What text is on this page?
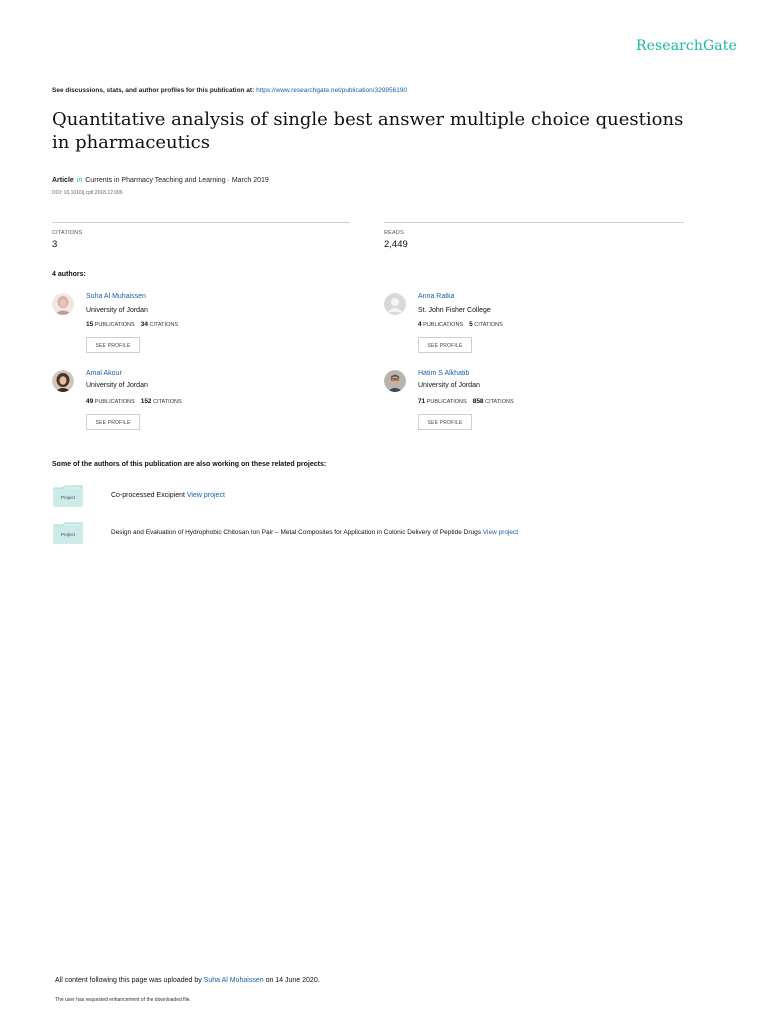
ResearchGate
See discussions, stats, and author profiles for this publication at: https://www.researchgate.net/publication/329956190
Quantitative analysis of single best answer multiple choice questions in pharmaceutics
Article in Currents in Pharmacy Teaching and Learning · March 2019
DOI: 10.1016/j.cptl.2018.12.006
CITATIONS
3
READS
2,449
4 authors:
Suha Al Muhaissen
University of Jordan
15 PUBLICATIONS 34 CITATIONS
SEE PROFILE
Anna Ratka
St. John Fisher College
4 PUBLICATIONS 5 CITATIONS
SEE PROFILE
Amal Akour
University of Jordan
49 PUBLICATIONS 152 CITATIONS
SEE PROFILE
Hatim S Alkhatib
University of Jordan
71 PUBLICATIONS 858 CITATIONS
SEE PROFILE
Some of the authors of this publication are also working on these related projects:
Project	Co-processed Excipient View project
Project	Design and Evaluation of Hydrophobic Chitosan Ion Pair – Metal Composites for Application in Colonic Delivery of Peptide Drugs View project
All content following this page was uploaded by Suha Al Muhaissen on 14 June 2020.
The user has requested enhancement of the downloaded file.
